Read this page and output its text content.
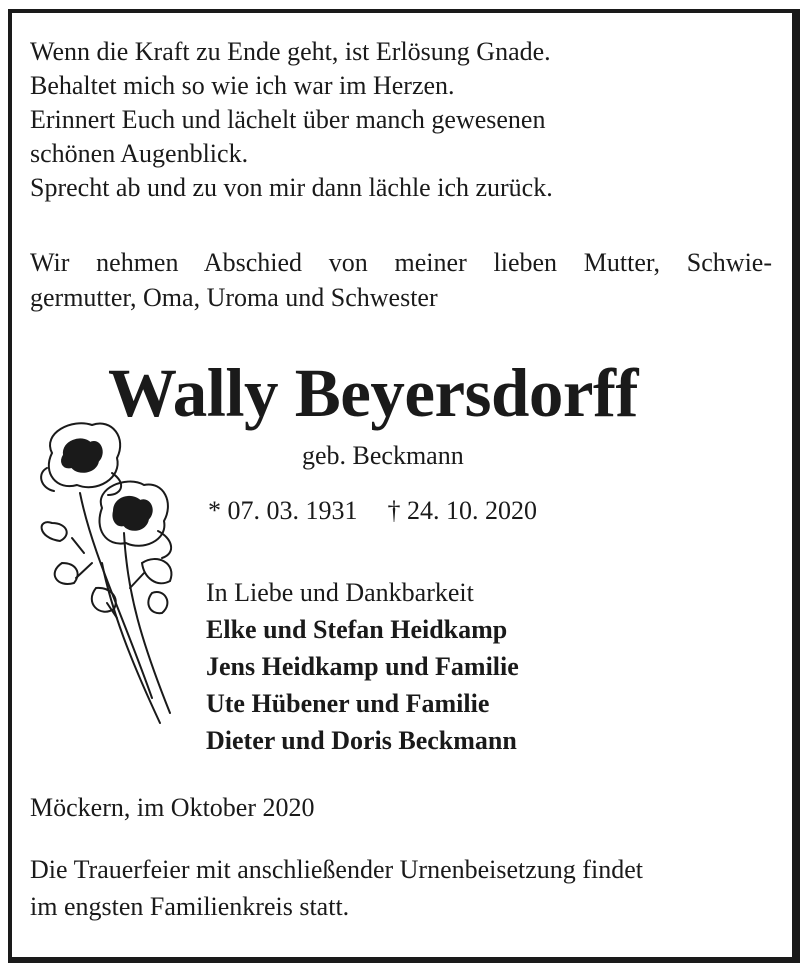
Wenn die Kraft zu Ende geht, ist Erlösung Gnade.
Behaltet mich so wie ich war im Herzen.
Erinnert Euch und lächelt über manch gewesenen
schönen Augenblick.
Sprecht ab und zu von mir dann lächle ich zurück.
Wir nehmen Abschied von meiner lieben Mutter, Schwie-
germutter, Oma, Uroma und Schwester
Wally Beyersdorff
geb. Beckmann
* 07. 03. 1931 † 24. 10. 2020
In Liebe und Dankbarkeit
Elke und Stefan Heidkamp
Jens Heidkamp und Familie
Ute Hübener und Familie
Dieter und Doris Beckmann
Möckern, im Oktober 2020
Die Trauerfeier mit anschließender Urnenbeisetzung findet
im engsten Familienkreis statt.
